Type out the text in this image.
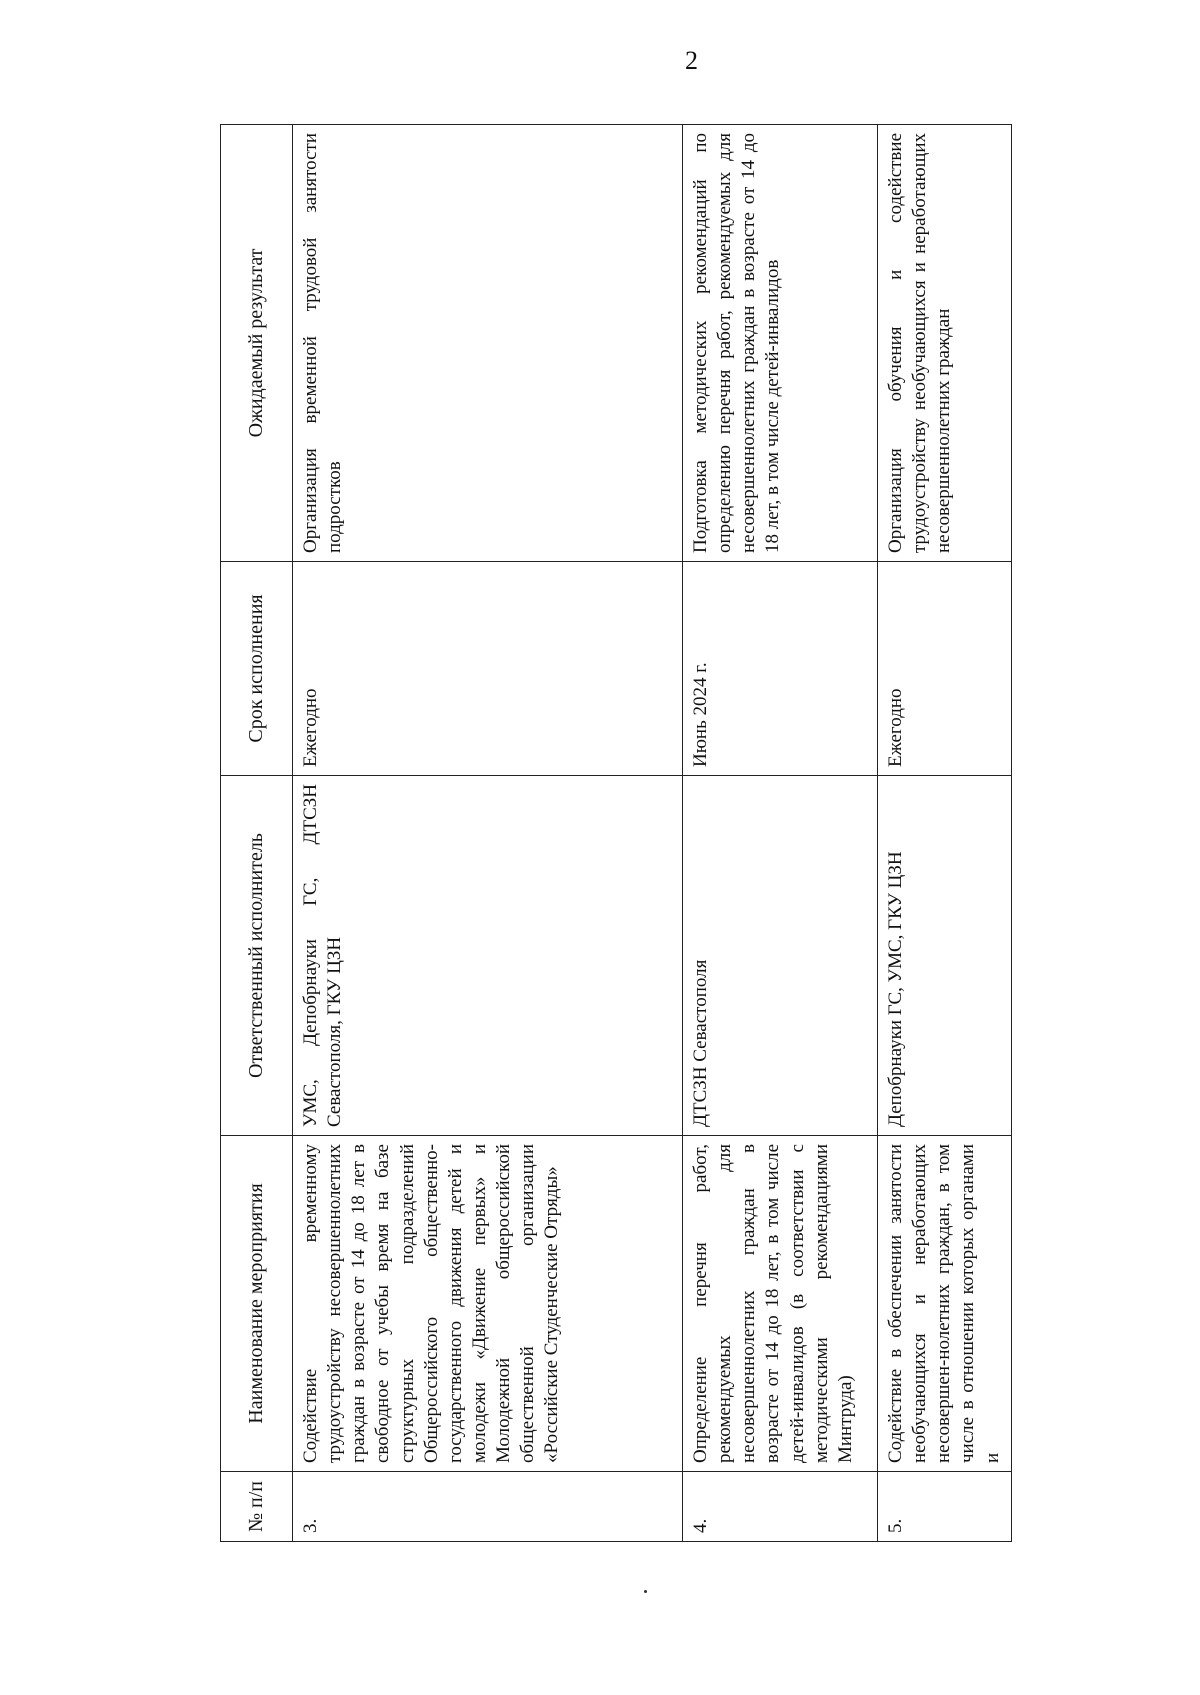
2
№ п/п	Наименование мероприятия	Ответственный исполнитель	Срок исполнения	Ожидаемый результат
3.	Содействие временному трудоустройству несовершеннолетних граждан в возрасте от 14 до 18 лет в свободное от учебы время на базе структурных подразделений Общероссийского общественно-государственного движения детей и молодежи «Движение первых» и Молодежной общероссийской общественной организации «Российские Студенческие Отряды»	УМС, Депобрнауки ГС, ДТСЗН Севастополя, ГКУ ЦЗН	Ежегодно	Организация временной трудовой занятости подростков
4.	Определение перечня работ, рекомендуемых для несовершеннолетних граждан в возрасте от 14 до 18 лет, в том числе детей-инвалидов (в соответствии с методическими рекомендациями Минтруда)	ДТСЗН Севастополя	Июнь 2024 г.	Подготовка методических рекомендаций по определению перечня работ, рекомендуемых для несовершеннолетних граждан в возрасте от 14 до 18 лет, в том числе детей-инвалидов
5.	Содействие в обеспечении занятости необучающихся и неработающих несовершен-нолетних граждан, в том числе в отношении которых органами и	Депобрнауки ГС, УМС, ГКУ ЦЗН	Ежегодно	Организация обучения и содействие трудоустройству необучающихся и неработающих несовершеннолетних граждан
